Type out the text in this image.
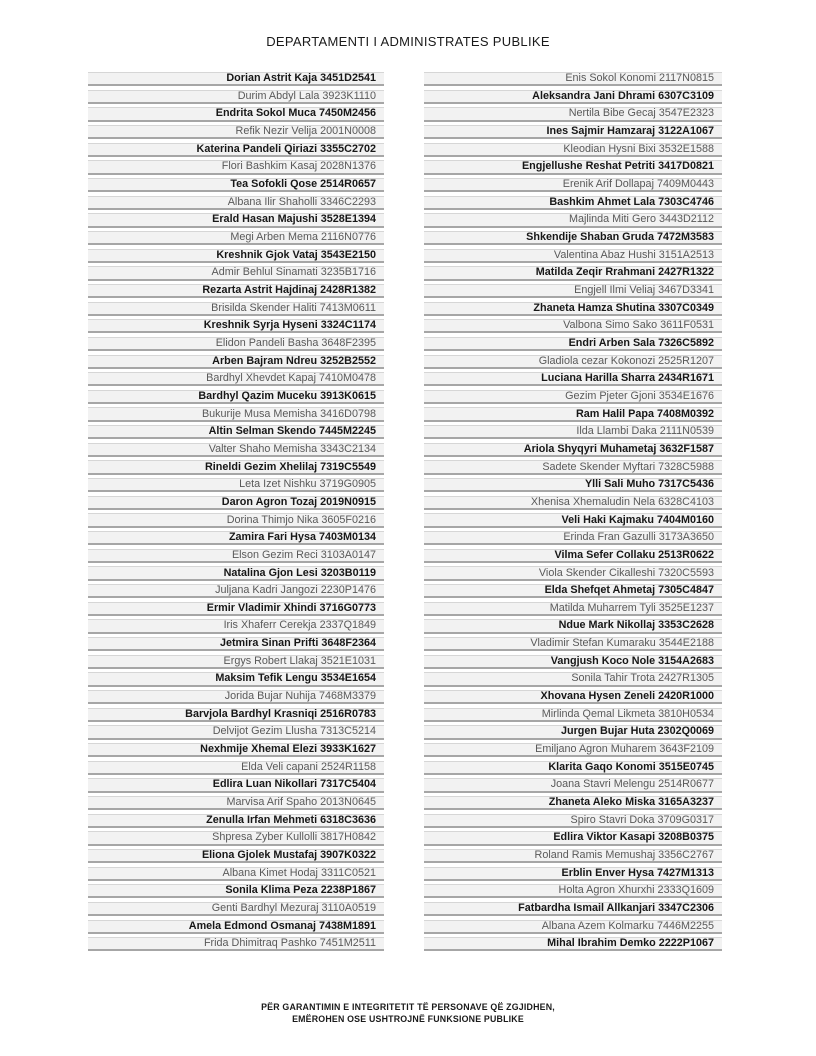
DEPARTAMENTI I ADMINISTRATES PUBLIKE
Dorian Astrit Kaja 3451D2541
Durim Abdyl Lala 3923K1110
Endrita Sokol Muca 7450M2456
Refik Nezir Velija 2001N0008
Katerina Pandeli Qiriazi 3355C2702
Flori Bashkim Kasaj 2028N1376
Tea Sofokli Qose 2514R0657
Albana Ilir Shaholli 3346C2293
Erald Hasan Majushi 3528E1394
Megi Arben Mema 2116N0776
Kreshnik Gjok Vataj 3543E2150
Admir Behlul Sinamati 3235B1716
Rezarta Astrit Hajdinaj 2428R1382
Brisilda Skender Haliti 7413M0611
Kreshnik Syrja Hyseni 3324C1174
Elidon Pandeli Basha 3648F2395
Arben Bajram Ndreu 3252B2552
Bardhyl Xhevdet Kapaj 7410M0478
Bardhyl Qazim Muceku 3913K0615
Bukurije Musa Memisha 3416D0798
Altin Selman Skendo 7445M2245
Valter Shaho Memisha 3343C2134
Rineldi Gezim Xhelilaj 7319C5549
Leta Izet Nishku 3719G0905
Daron Agron Tozaj 2019N0915
Dorina Thimjo Nika 3605F0216
Zamira Fari Hysa 7403M0134
Elson Gezim Reci 3103A0147
Natalina Gjon Lesi 3203B0119
Juljana Kadri Jangozi 2230P1476
Ermir Vladimir Xhindi 3716G0773
Iris Xhaferr Cerekja 2337Q1849
Jetmira Sinan Prifti 3648F2364
Ergys Robert Llakaj 3521E1031
Maksim Tefik Lengu 3534E1654
Jorida Bujar Nuhija 7468M3379
Barvjola Bardhyl Krasniqi 2516R0783
Delvijot Gezim Llusha 7313C5214
Nexhmije Xhemal Elezi 3933K1627
Elda Veli capani 2524R1158
Edlira Luan Nikollari 7317C5404
Marvisa Arif Spaho 2013N0645
Zenulla Irfan Mehmeti 6318C3636
Shpresa Zyber Kullolli 3817H0842
Eliona Gjolek Mustafaj 3907K0322
Albana Kimet Hodaj 3311C0521
Sonila Klima Peza 2238P1867
Genti Bardhyl Mezuraj 3110A0519
Amela Edmond Osmanaj 7438M1891
Frida Dhimitraq Pashko 7451M2511
Enis Sokol Konomi 2117N0815
Aleksandra Jani Dhrami 6307C3109
Nertila Bibe Gecaj 3547E2323
Ines Sajmir Hamzaraj 3122A1067
Kleodian Hysni Bixi 3532E1588
Engjellushe Reshat Petriti 3417D0821
Erenik Arif Dollapaj 7409M0443
Bashkim Ahmet Lala 7303C4746
Majlinda Miti Gero 3443D2112
Shkendije Shaban Gruda 7472M3583
Valentina Abaz Hushi 3151A2513
Matilda Zeqir Rrahmani 2427R1322
Engjell Ilmi Veliaj 3467D3341
Zhaneta Hamza Shutina 3307C0349
Valbona Simo Sako 3611F0531
Endri Arben Sala 7326C5892
Gladiola cezar Kokonozi 2525R1207
Luciana Harilla Sharra 2434R1671
Gezim Pjeter Gjoni 3534E1676
Ram Halil Papa 7408M0392
Ilda Llambi Daka 2111N0539
Ariola Shyqyri Muhametaj 3632F1587
Sadete Skender Myftari 7328C5988
Ylli Sali Muho 7317C5436
Xhenisa Xhemaludin Nela 6328C4103
Veli Haki Kajmaku 7404M0160
Erinda Fran Gazulli 3173A3650
Vilma Sefer Collaku 2513R0622
Viola Skender Cikalleshi 7320C5593
Elda Shefqet Ahmetaj 7305C4847
Matilda Muharrem Tyli 3525E1237
Ndue Mark Nikollaj 3353C2628
Vladimir Stefan Kumaraku 3544E2188
Vangjush Koco Nole 3154A2683
Sonila Tahir Trota 2427R1305
Xhovana Hysen Zeneli 2420R1000
Mirlinda Qemal Likmeta 3810H0534
Jurgen Bujar Huta 2302Q0069
Emiljano Agron Muharem 3643F2109
Klarita Gaqo Konomi 3515E0745
Joana Stavri Melengu 2514R0677
Zhaneta Aleko Miska 3165A3237
Spiro Stavri Doka 3709G0317
Edlira Viktor Kasapi 3208B0375
Roland Ramis Memushaj 3356C2767
Erblin Enver Hysa 7427M1313
Holta Agron Xhurxhi 2333Q1609
Fatbardha Ismail Allkanjari 3347C2306
Albana Azem Kolmarku 7446M2255
Mihal Ibrahim Demko 2222P1067
PËR GARANTIMIN E INTEGRITETIT TË PERSONAVE QË ZGJIDHEN,
EMËROHEN OSE USHTROJNË FUNKSIONE PUBLIKE
